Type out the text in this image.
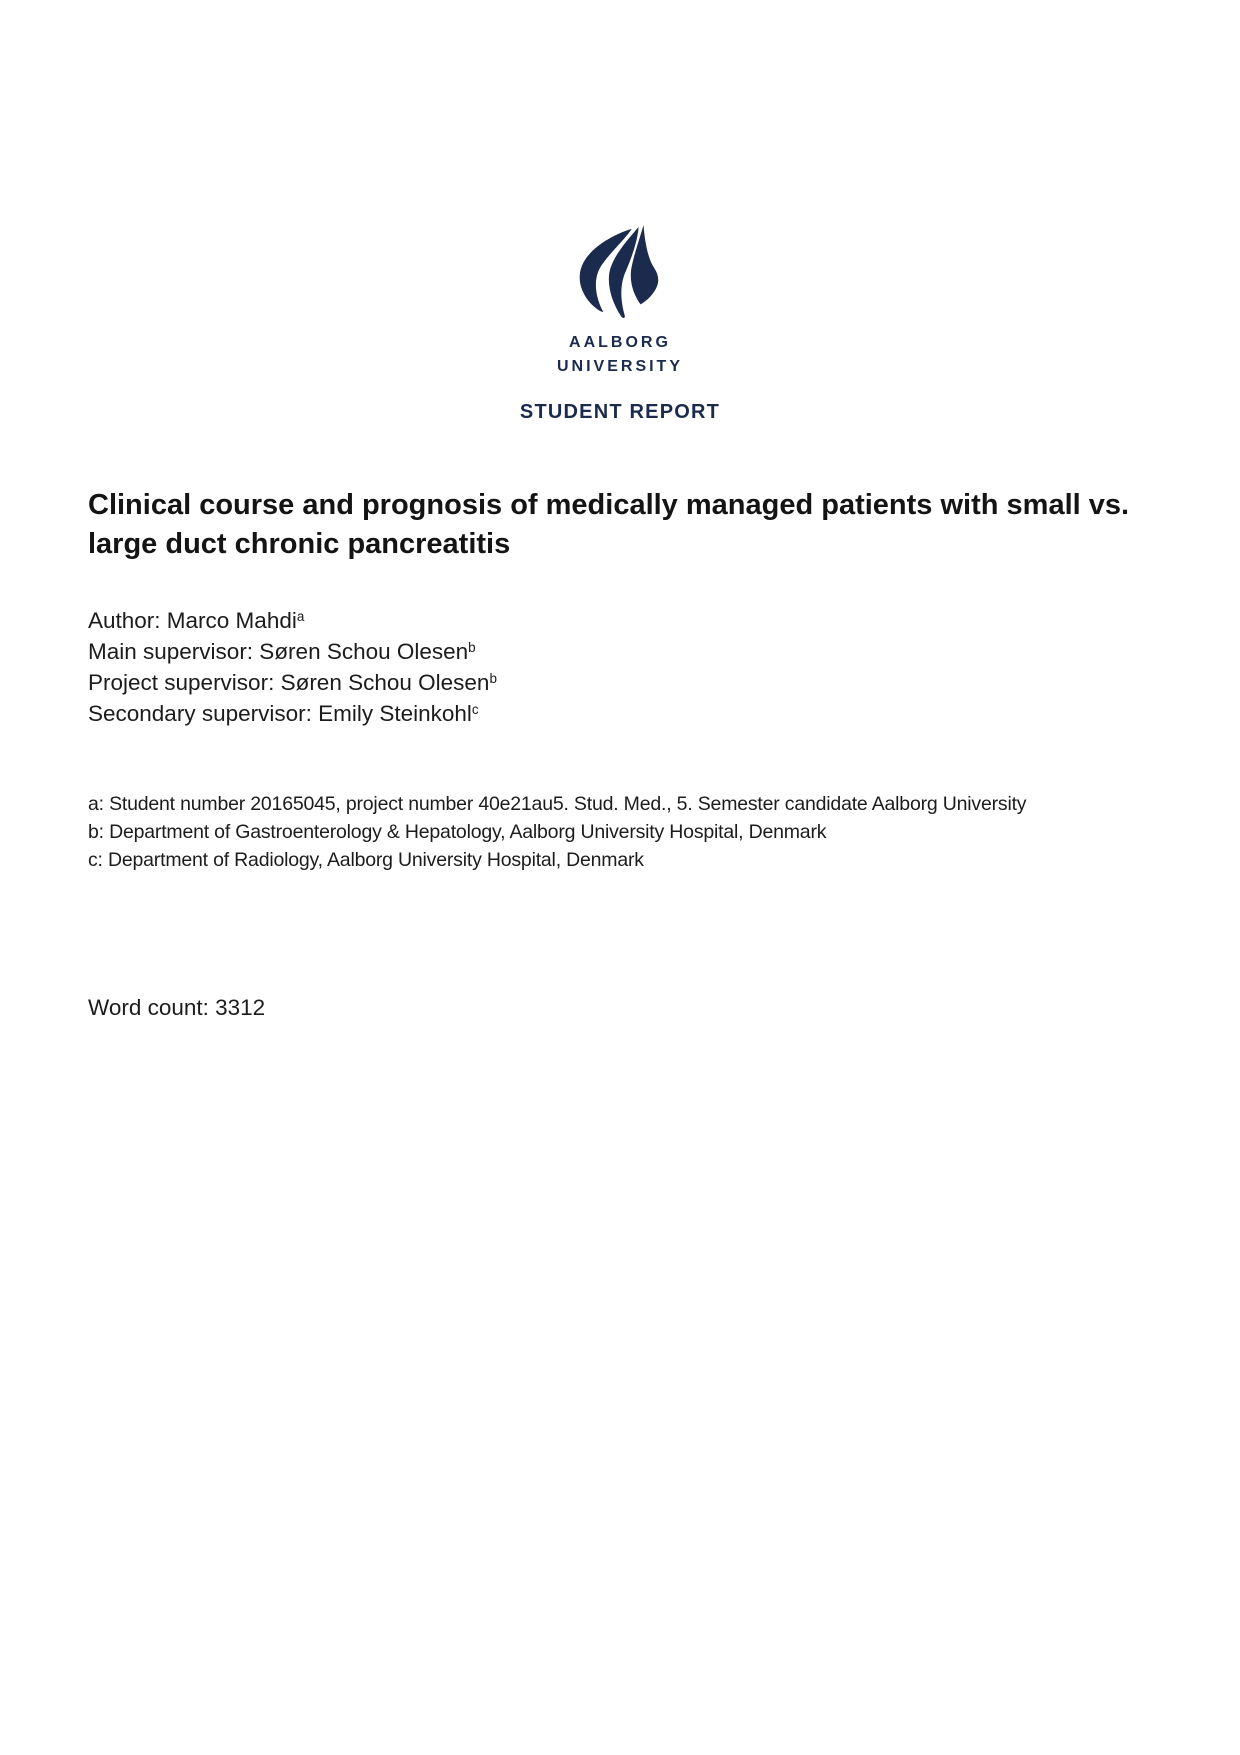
AALBORG
UNIVERSITY
STUDENT REPORT
Clinical course and prognosis of medically managed patients with small vs.
large duct chronic pancreatitis
Author: Marco Mahdi$^a$
Main supervisor: Søren Schou Olesen$^b$
Project supervisor: Søren Schou Olesen$^b$
Secondary supervisor: Emily Steinkohl$^c$
a: Student number 20165045, project number 40e21au5. Stud. Med., 5. Semester candidate Aalborg University
b: Department of Gastroenterology & Hepatology, Aalborg University Hospital, Denmark
c: Department of Radiology, Aalborg University Hospital, Denmark
Word count: 3312
